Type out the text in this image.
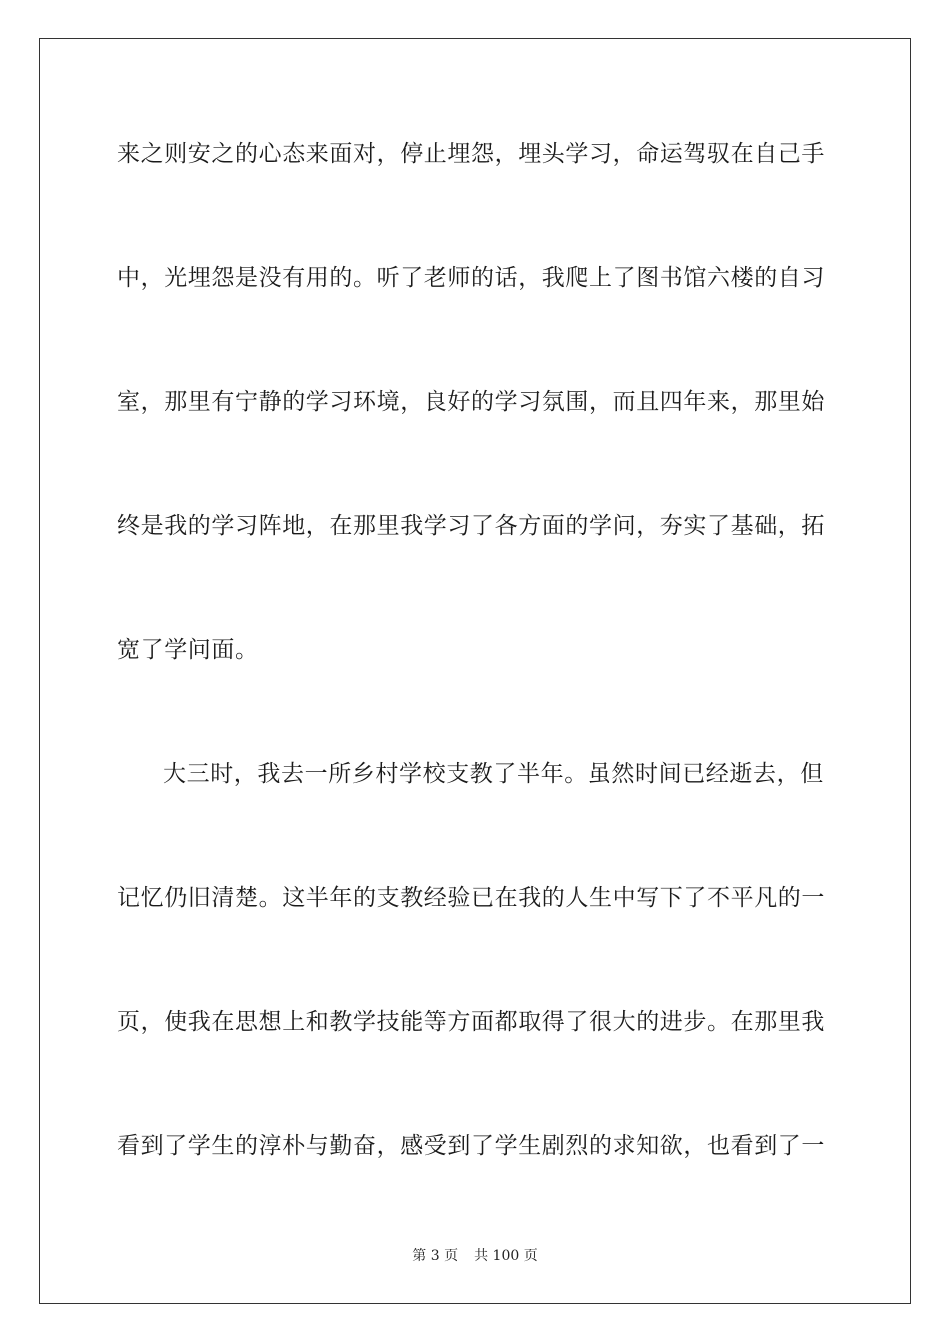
来之则安之的心态来面对，停止埋怨，埋头学习，命运驾驭在自己手
中，光埋怨是没有用的。听了老师的话，我爬上了图书馆六楼的自习
室，那里有宁静的学习环境，良好的学习氛围，而且四年来，那里始
终是我的学习阵地，在那里我学习了各方面的学问，夯实了基础，拓
宽了学问面。
大三时，我去一所乡村学校支教了半年。虽然时间已经逝去，但
记忆仍旧清楚。这半年的支教经验已在我的人生中写下了不平凡的一
页，使我在思想上和教学技能等方面都取得了很大的进步。在那里我
看到了学生的淳朴与勤奋，感受到了学生剧烈的求知欲，也看到了一
第 3 页 共 100 页
